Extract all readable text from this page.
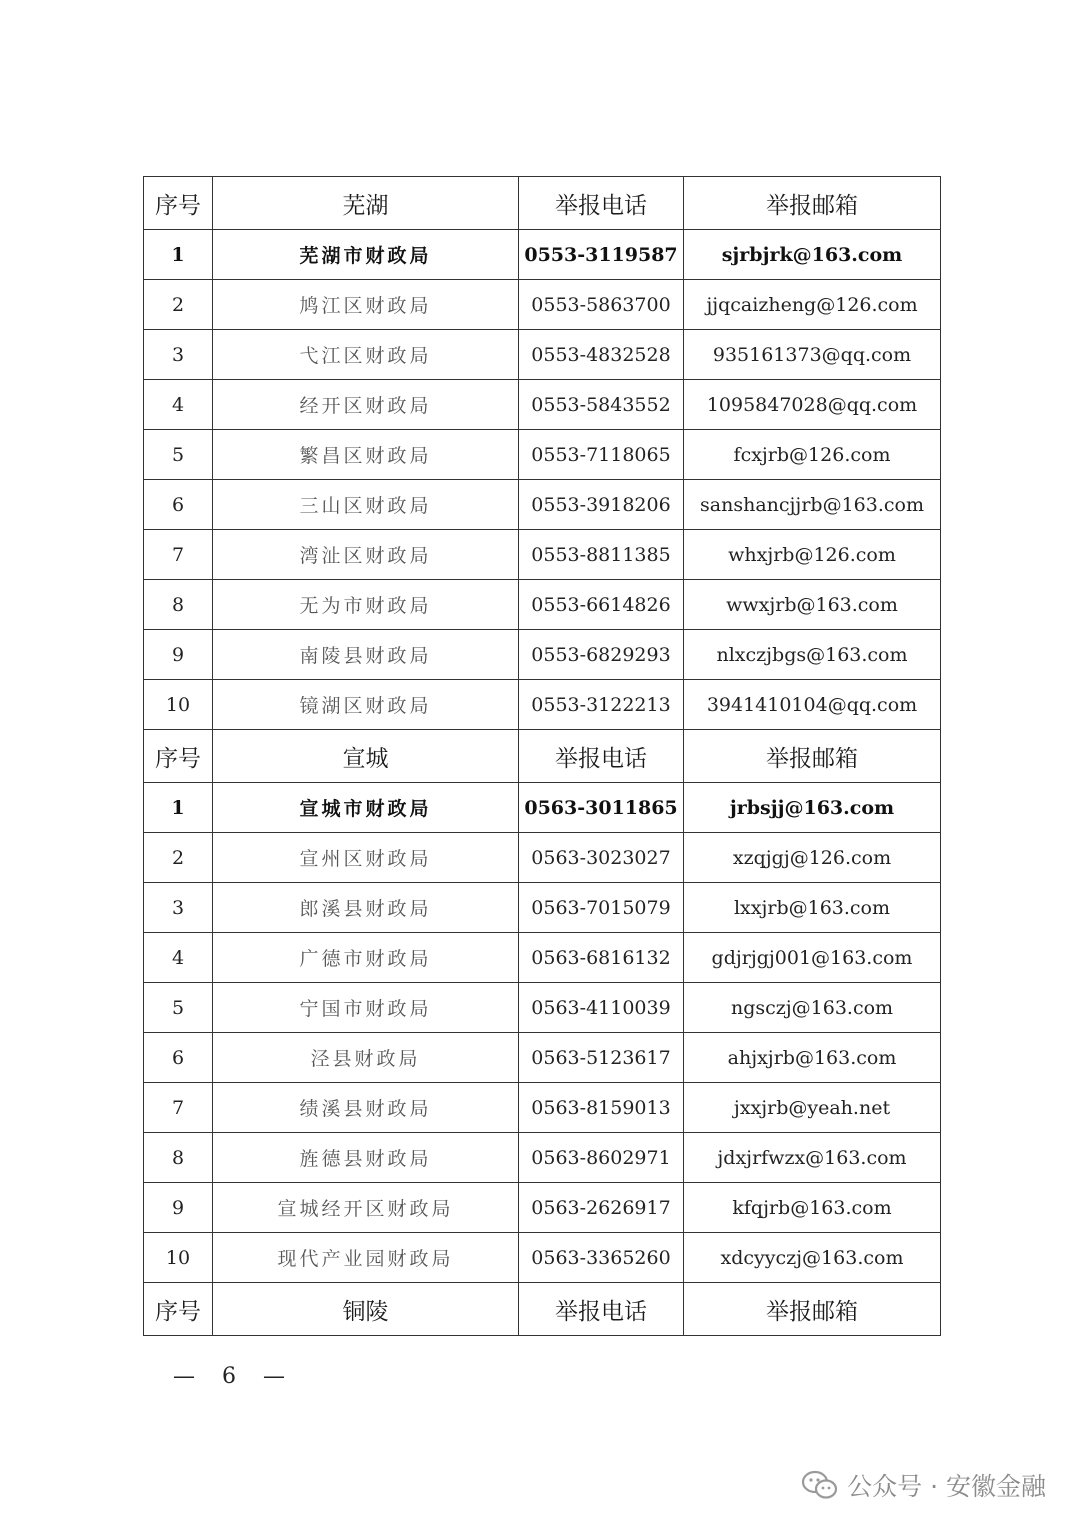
序号	芜湖	举报电话	举报邮箱
1	芜湖市财政局	0553-3119587	sjrbjrk@163.com
2	鸠江区财政局	0553-5863700	jjqcaizheng@126.com
3	弋江区财政局	0553-4832528	935161373@qq.com
4	经开区财政局	0553-5843552	1095847028@qq.com
5	繁昌区财政局	0553-7118065	fcxjrb@126.com
6	三山区财政局	0553-3918206	sanshancjjrb@163.com
7	湾沚区财政局	0553-8811385	whxjrb@126.com
8	无为市财政局	0553-6614826	wwxjrb@163.com
9	南陵县财政局	0553-6829293	nlxczjbgs@163.com
10	镜湖区财政局	0553-3122213	3941410104@qq.com
序号	宣城	举报电话	举报邮箱
1	宣城市财政局	0563-3011865	jrbsjj@163.com
2	宣州区财政局	0563-3023027	xzqjgj@126.com
3	郎溪县财政局	0563-7015079	lxxjrb@163.com
4	广德市财政局	0563-6816132	gdjrjgj001@163.com
5	宁国市财政局	0563-4110039	ngsczj@163.com
6	泾县财政局	0563-5123617	ahjxjrb@163.com
7	绩溪县财政局	0563-8159013	jxxjrb@yeah.net
8	旌德县财政局	0563-8602971	jdxjrfwzx@163.com
9	宣城经开区财政局	0563-2626917	kfqjrb@163.com
10	现代产业园财政局	0563-3365260	xdcyyczj@163.com
序号	铜陵	举报电话	举报邮箱
— 6 —
公众号 · 安徽金融
